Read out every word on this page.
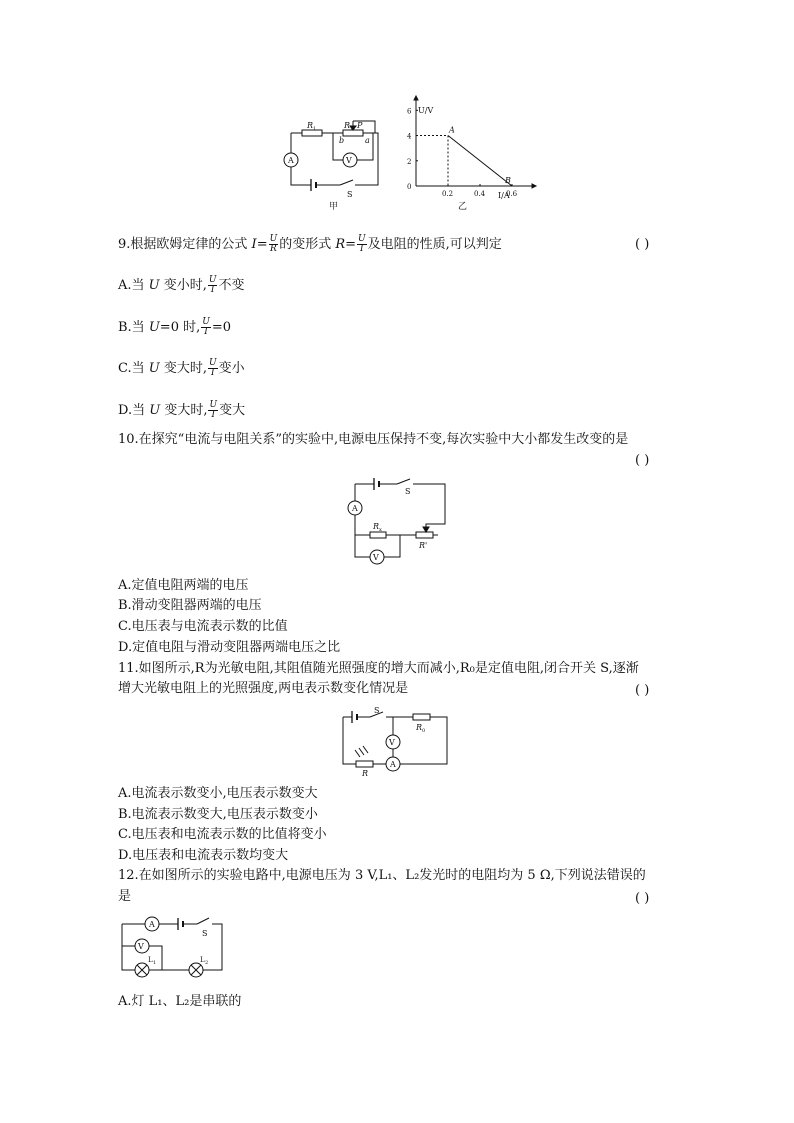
R 1	R 2 P
b	a
V
A
S
甲
0.2	0.4	0.6
0
2
4
6
A
B
U/V
I/A
乙
9.根据欧姆定律的公式 $I= \frac{U}{R}$ 的变形式 $R= \frac{U}{I}$ 及电阻的性质,可以判定	( )
A.当 U 变小时, $\frac{U}{I}$ 不变
B.当 U=0 时, $\frac{U}{I} =0$
C.当 U 变大时, $\frac{U}{I}$ 变小
D.当 U 变大时, $\frac{U}{I}$ 变大
10.在探究“电流与电阻关系”的实验中,电源电压保持不变,每次实验中大小都发生改变的是
( )
S
A
R x
R'
V
A.定值电阻两端的电压
B.滑动变阻器两端的电压
C.电压表与电流表示数的比值
D.定值电阻与滑动变阻器两端电压之比
11.如图所示,R为光敏电阻,其阻值随光照强度的增大而减小,R₀是定值电阻,闭合开关 S,逐渐
增大光敏电阻上的光照强度,两电表示数变化情况是	( )
S
R 0
V
A
R
A.电流表示数变小,电压表示数变大
B.电流表示数变大,电压表示数变小
C.电压表和电流表示数的比值将变小
D.电压表和电流表示数均变大
12.在如图所示的实验电路中,电源电压为 3 V,L₁、L₂发光时的电阻均为 5 Ω,下列说法错误的
是	( )
A
S
V
L 1	L 2
A.灯 L₁、L₂是串联的
